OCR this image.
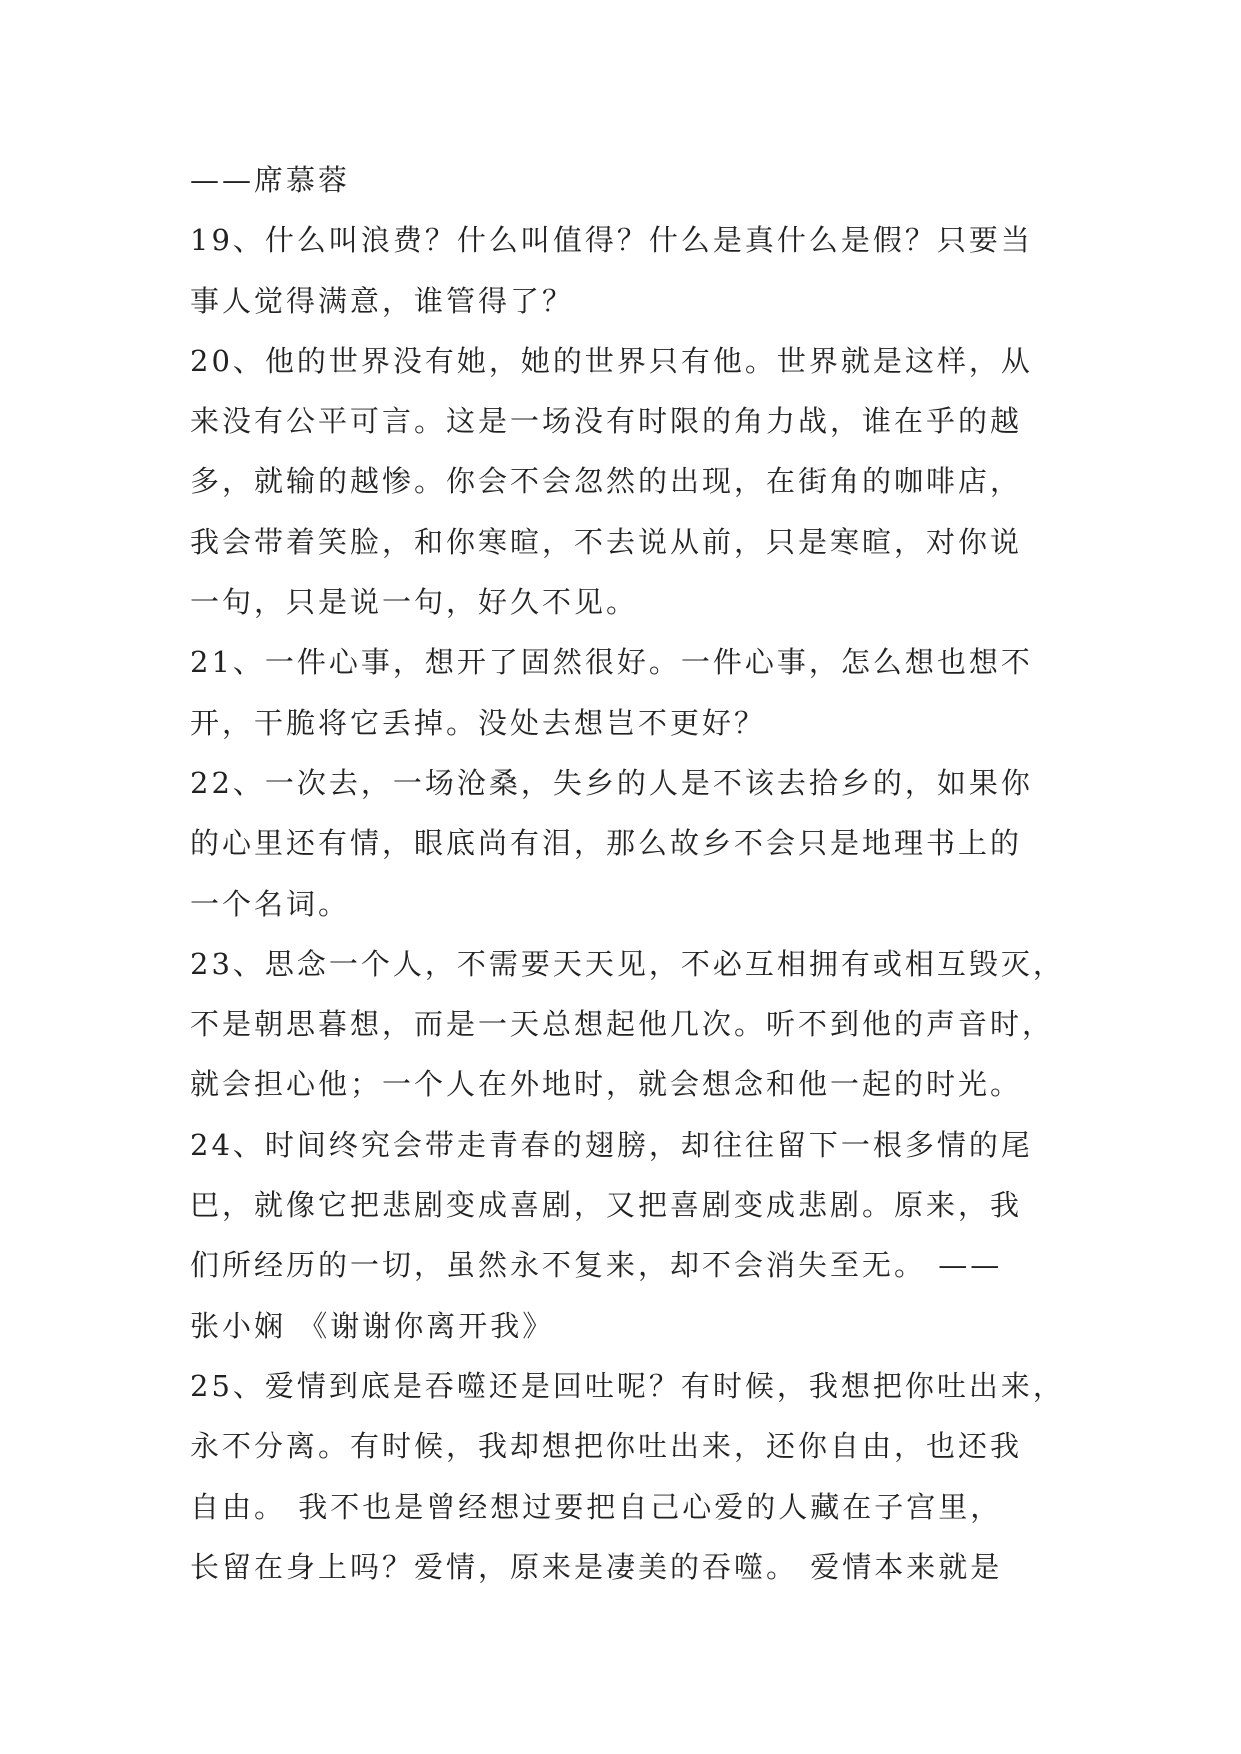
——席慕蓉
19、什么叫浪费？什么叫值得？什么是真什么是假？只要当
事人觉得满意，谁管得了？
20、他的世界没有她，她的世界只有他。世界就是这样，从
来没有公平可言。这是一场没有时限的角力战，谁在乎的越
多，就输的越惨。你会不会忽然的出现，在街角的咖啡店，
我会带着笑脸，和你寒暄，不去说从前，只是寒暄，对你说
一句，只是说一句，好久不见。
21、一件心事，想开了固然很好。一件心事，怎么想也想不
开，干脆将它丢掉。没处去想岂不更好？
22、一次去，一场沧桑，失乡的人是不该去拾乡的，如果你
的心里还有情，眼底尚有泪，那么故乡不会只是地理书上的
一个名词。
23、思念一个人，不需要天天见，不必互相拥有或相互毁灭，
不是朝思暮想，而是一天总想起他几次。听不到他的声音时，
就会担心他；一个人在外地时，就会想念和他一起的时光。
24、时间终究会带走青春的翅膀，却往往留下一根多情的尾
巴，就像它把悲剧变成喜剧，又把喜剧变成悲剧。原来，我
们所经历的一切，虽然永不复来，却不会消失至无。 ——
张小娴 《谢谢你离开我》
25、爱情到底是吞噬还是回吐呢？有时候，我想把你吐出来，
永不分离。有时候，我却想把你吐出来，还你自由，也还我
自由。 我不也是曾经想过要把自己心爱的人藏在子宫里，
长留在身上吗？爱情，原来是凄美的吞噬。 爱情本来就是
